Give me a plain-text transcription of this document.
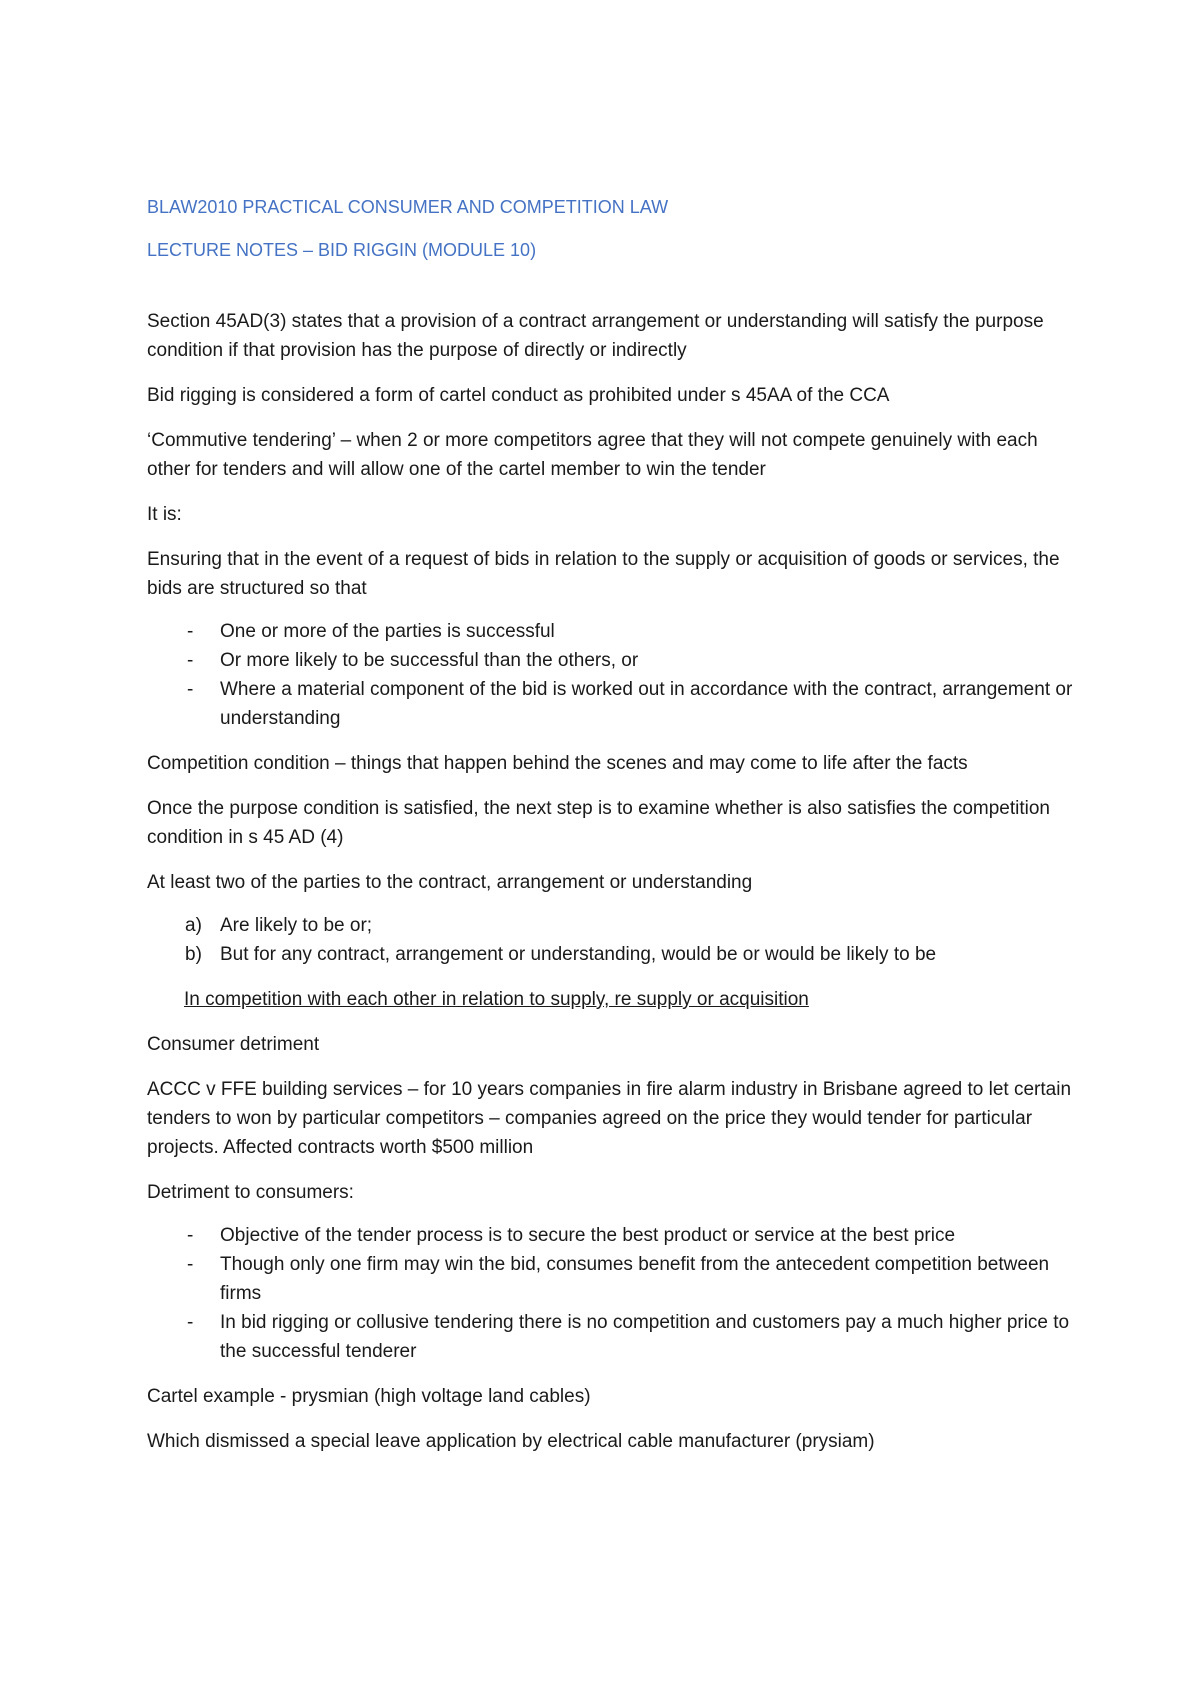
BLAW2010 PRACTICAL CONSUMER AND COMPETITION LAW
LECTURE NOTES – BID RIGGIN (MODULE 10)

Section 45AD(3) states that a provision of a contract arrangement or understanding will satisfy the purpose condition if that provision has the purpose of directly or indirectly

Bid rigging is considered a form of cartel conduct as prohibited under s 45AA of the CCA

‘Commutive tendering’ – when 2 or more competitors agree that they will not compete genuinely with each other for tenders and will allow one of the cartel member to win the tender

It is:

Ensuring that in the event of a request of bids in relation to the supply or acquisition of goods or services, the bids are structured so that

- One or more of the parties is successful
- Or more likely to be successful than the others, or
- Where a material component of the bid is worked out in accordance with the contract, arrangement or understanding

Competition condition – things that happen behind the scenes and may come to life after the facts

Once the purpose condition is satisfied, the next step is to examine whether is also satisfies the competition condition in s 45 AD (4)

At least two of the parties to the contract, arrangement or understanding

a) Are likely to be or;
b) But for any contract, arrangement or understanding, would be or would be likely to be

In competition with each other in relation to supply, re supply or acquisition

Consumer detriment

ACCC v FFE building services – for 10 years companies in fire alarm industry in Brisbane agreed to let certain tenders to won by particular competitors – companies agreed on the price they would tender for particular projects. Affected contracts worth $500 million

Detriment to consumers:

- Objective of the tender process is to secure the best product or service at the best price
- Though only one firm may win the bid, consumes benefit from the antecedent competition between firms
- In bid rigging or collusive tendering there is no competition and customers pay a much higher price to the successful tenderer

Cartel example - prysmian (high voltage land cables)

Which dismissed a special leave application by electrical cable manufacturer (prysiam)
